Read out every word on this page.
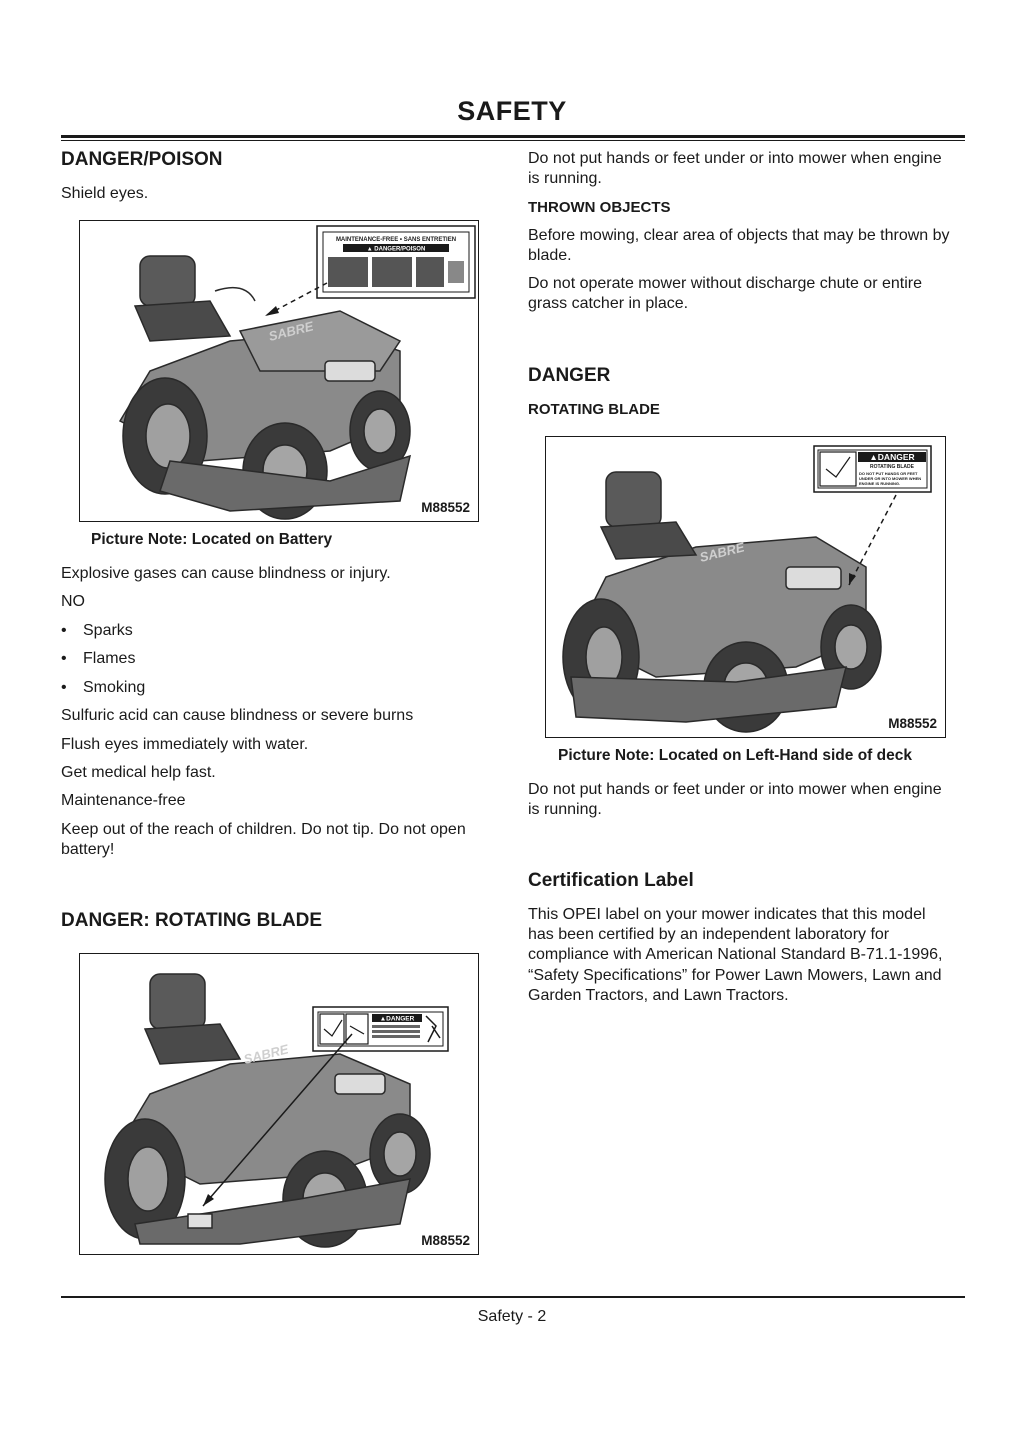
SAFETY
DANGER/POISON
Shield eyes.
MAINTENANCE-FREE • SANS ENTRETIEN
▲ DANGER/POISON
SABRE
M88552
Picture Note: Located on Battery
Explosive gases can cause blindness or injury.
NO
• Sparks
• Flames
• Smoking
Sulfuric acid can cause blindness or severe burns
Flush eyes immediately with water.
Get medical help fast.
Maintenance-free
Keep out of the reach of children. Do not tip. Do not open
battery!
DANGER: ROTATING BLADE
▲DANGER
SABRE
M88552
Do not put hands or feet under or into mower when engine
is running.
THROWN OBJECTS
Before mowing, clear area of objects that may be thrown by
blade.
Do not operate mower without discharge chute or entire
grass catcher in place.
DANGER
ROTATING BLADE
▲DANGER
ROTATING BLADE
DO NOT PUT HANDS OR FEET
UNDER OR INTO MOWER WHEN
ENGINE IS RUNNING.
SABRE
M88552
Picture Note: Located on Left-Hand side of deck
Do not put hands or feet under or into mower when engine
is running.
Certification Label
This OPEI label on your mower indicates that this model
has been certified by an independent laboratory for
compliance with American National Standard B-71.1-1996,
“Safety Specifications” for Power Lawn Mowers, Lawn and
Garden Tractors, and Lawn Tractors.
Safety - 2
